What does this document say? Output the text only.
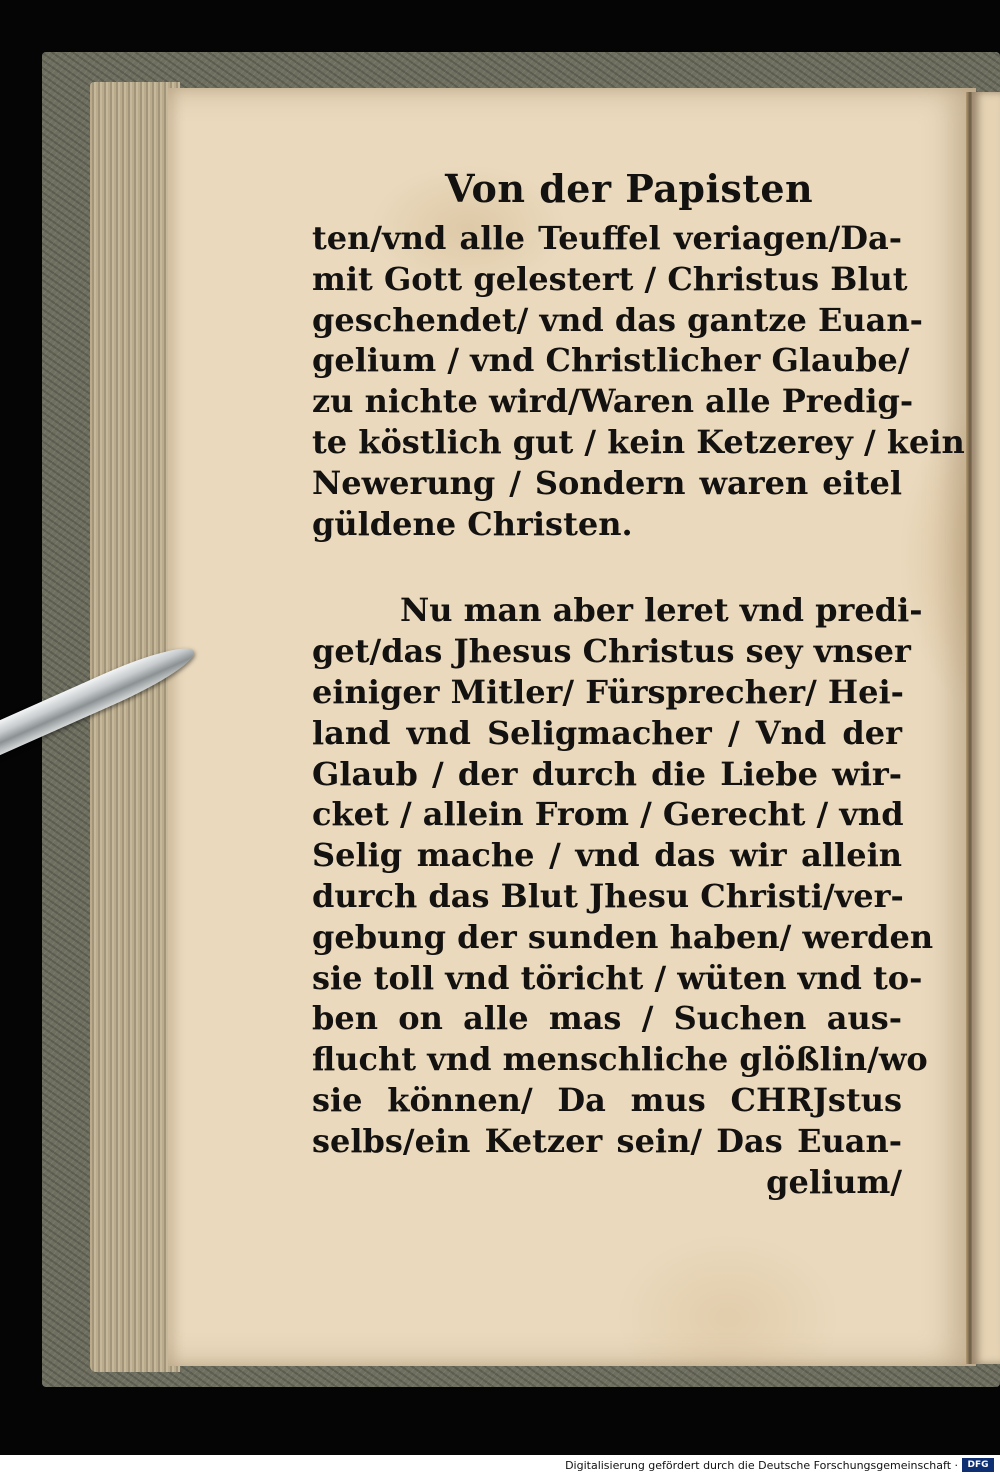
Von der Papisten
ten/vnd alle Teuffel veriagen/Da-
mit Gott gelestert / Christus Blut
geschendet/ vnd das gantze Euan-
gelium / vnd Christlicher Glaube/
zu nichte wird/Waren alle Predig-
te köstlich gut / kein Ketzerey / kein
Newerung / Sondern waren eitel
güldene Christen.
Nu man aber leret vnd predi-
get/das Jhesus Christus sey vnser
einiger Mitler/ Fürsprecher/ Hei-
land vnd Seligmacher / Vnd der
Glaub / der durch die Liebe wir-
cket / allein From / Gerecht / vnd
Selig mache / vnd das wir allein
durch das Blut Jhesu Christi/ver-
gebung der sunden haben/ werden
sie toll vnd töricht / wüten vnd to-
ben on alle mas / Suchen aus-
flucht vnd menschliche glößlin/wo
sie können/ Da mus CHRJstus
selbs/ein Ketzer sein/ Das Euan-
gelium/
Digitalisierung gefördert durch die Deutsche Forschungsgemeinschaft ·	DFG
